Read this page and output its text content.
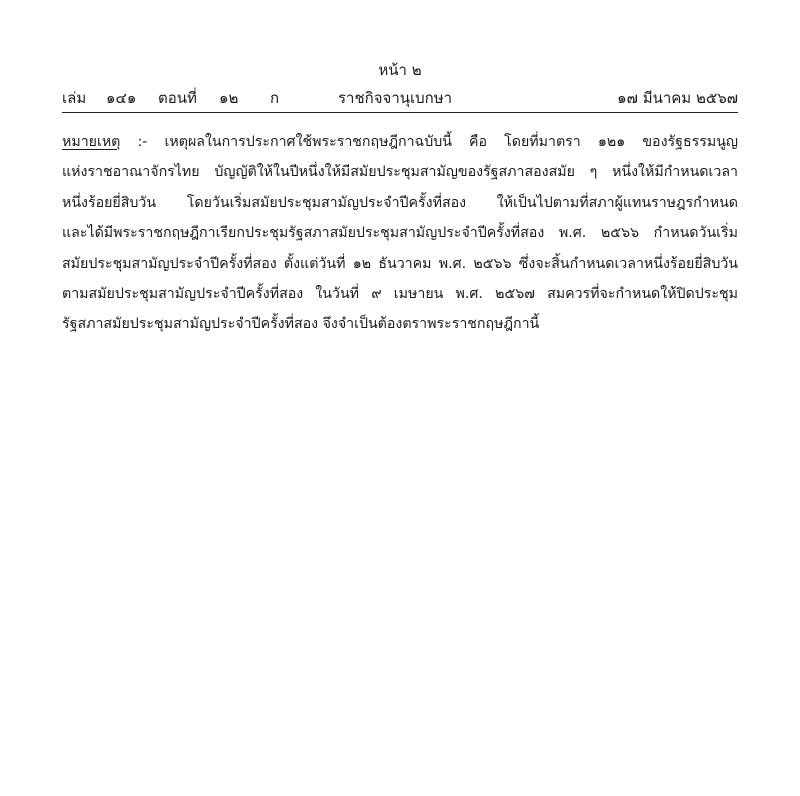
หน้า ๒
เล่ม ๑๔๑ ตอนที่ ๑๒ ก	ราชกิจจานุเบกษา	๑๗ มีนาคม ๒๕๖๗
หมายเหตุ :- เหตุผลในการประกาศใช้พระราชกฤษฎีกาฉบับนี้ คือ โดยที่มาตรา ๑๒๑ ของรัฐธรรมนูญ
แห่งราชอาณาจักรไทย บัญญัติให้ในปีหนึ่งให้มีสมัยประชุมสามัญของรัฐสภาสองสมัย ๆ หนึ่งให้มีกำหนดเวลา
หนึ่งร้อยยี่สิบวัน โดยวันเริ่มสมัยประชุมสามัญประจำปีครั้งที่สอง ให้เป็นไปตามที่สภาผู้แทนราษฎรกำหนด
และได้มีพระราชกฤษฎีกาเรียกประชุมรัฐสภาสมัยประชุมสามัญประจำปีครั้งที่สอง พ.ศ. ๒๕๖๖ กำหนดวันเริ่ม
สมัยประชุมสามัญประจำปีครั้งที่สอง ตั้งแต่วันที่ ๑๒ ธันวาคม พ.ศ. ๒๕๖๖ ซึ่งจะสิ้นกำหนดเวลาหนึ่งร้อยยี่สิบวัน
ตามสมัยประชุมสามัญประจำปีครั้งที่สอง ในวันที่ ๙ เมษายน พ.ศ. ๒๕๖๗ สมควรที่จะกำหนดให้ปิดประชุม
รัฐสภาสมัยประชุมสามัญประจำปีครั้งที่สอง จึงจำเป็นต้องตราพระราชกฤษฎีกานี้
